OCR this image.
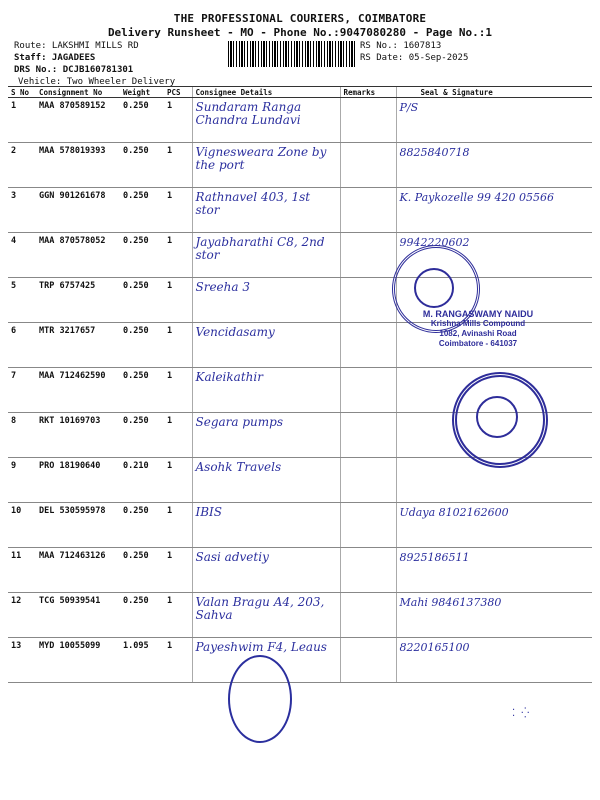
THE PROFESSIONAL COURIERS, COIMBATORE
Delivery Runsheet - MO - Phone No.:9047080280 - Page No.:1
Route: LAKSHMI MILLS RD
Staff: JAGADEES
DRS No.: DCJB160781301
Vehicle: Two Wheeler Delivery
RS No.: 1607813
RS Date: 05-Sep-2025
S No	Consignment No	Weight	PCS	Consignee Details	Remarks	Seal & Signature
1	MAA 870589152	0.250	1	Sundaram Ranga Chandra Lundavi		P/S
2	MAA 578019393	0.250	1	Vignesweara Zone by the port		8825840718
3	GGN 901261678	0.250	1	Rathnavel 403, 1st stor		K. Paykozelle 99 420 05566
4	MAA 870578052	0.250	1	Jayabharathi C8, 2nd stor		9942220602
5	TRP 6757425	0.250	1	Sreeha 3		

6	MTR 3217657	0.250	1	Vencidasamy		

7	MAA 712462590	0.250	1	Kaleikathir		

8	RKT 10169703	0.250	1	Segara pumps		

9	PRO 18190640	0.210	1	Asohk Travels		

10	DEL 530595978	0.250	1	IBIS		Udaya 8102162600
11	MAA 712463126	0.250	1	Sasi advetiy		8925186511
12	TCG 50939541	0.250	1	Valan Bragu A4, 203, Sahva		Mahi 9846137380
13	MYD 10055099	1.095	1	Payeshwim F4, Leaus		8220165100
M. RANGASWAMY NAIDU
Krishna Mills Compound
1082, Avinashi Road
Coimbatore - 641037
⁚ ⁛
